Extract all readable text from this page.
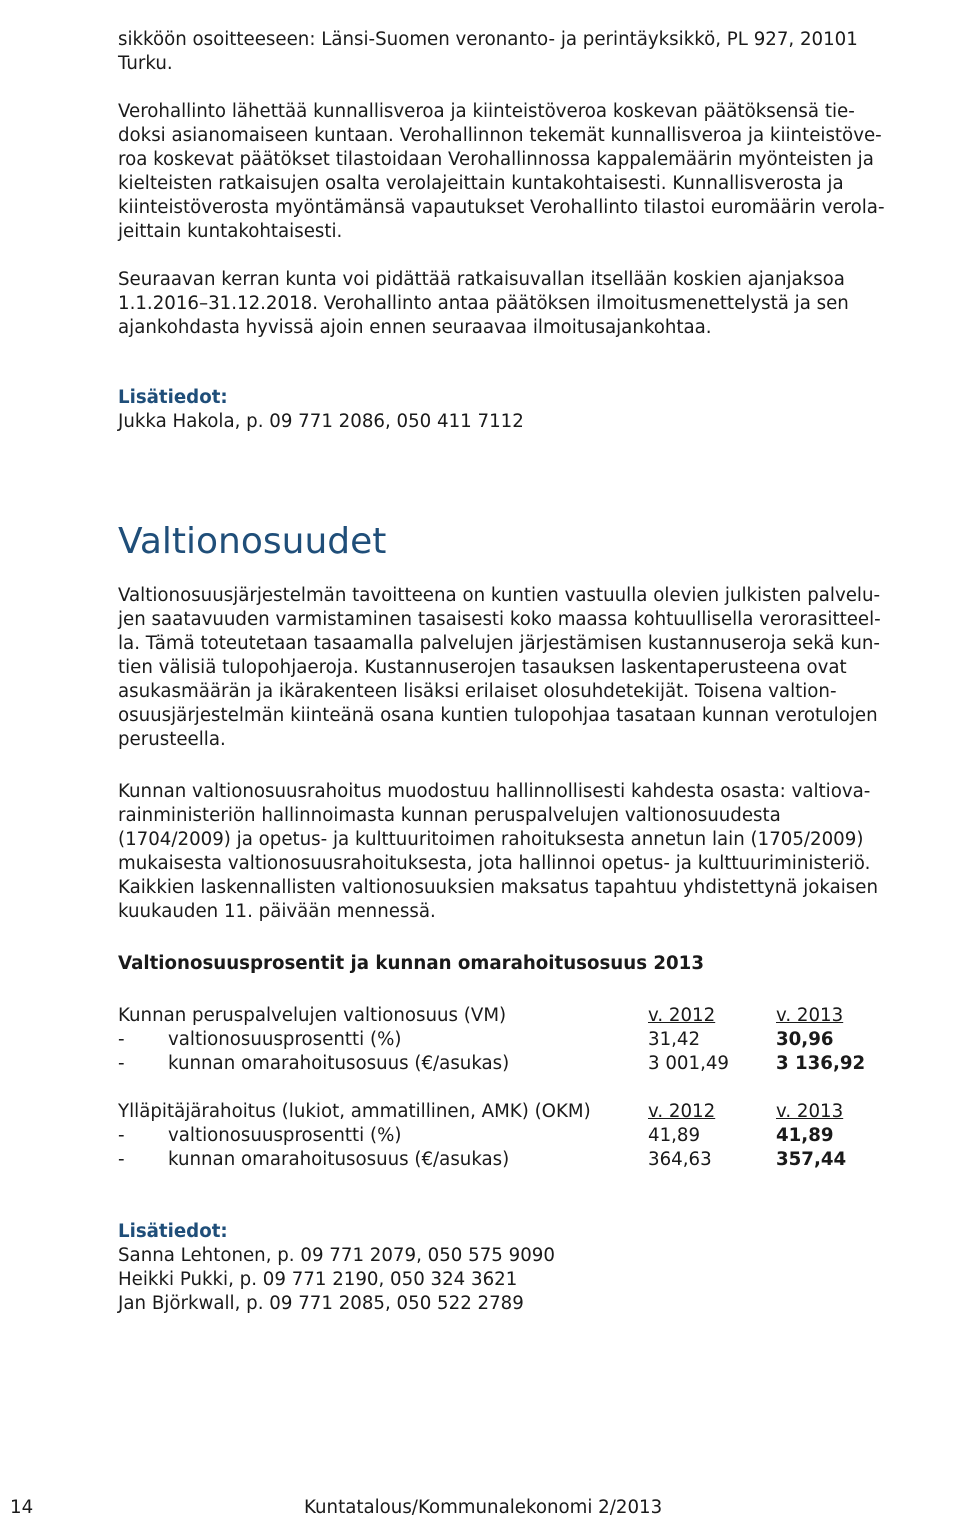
sikköön osoitteeseen: Länsi-Suomen veronanto- ja perintäyksikkö, PL 927, 20101
Turku.

Verohallinto lähettää kunnallisveroa ja kiinteistöveroa koskevan päätöksensä tie-
doksi asianomaiseen kuntaan. Verohallinnon tekemät kunnallisveroa ja kiinteistöve-
roa koskevat päätökset tilastoidaan Verohallinnossa kappalemäärin myönteisten ja
kielteisten ratkaisujen osalta verolajeittain kuntakohtaisesti. Kunnallisverosta ja
kiinteistöverosta myöntämänsä vapautukset Verohallinto tilastoi euromäärin verola-
jeittain kuntakohtaisesti.

Seuraavan kerran kunta voi pidättää ratkaisuvallan itsellään koskien ajanjaksoa
1.1.2016–31.12.2018. Verohallinto antaa päätöksen ilmoitusmenettelystä ja sen
ajankohdasta hyvissä ajoin ennen seuraavaa ilmoitusajankohtaa.

Lisätiedot:

Jukka Hakola, p. 09 771 2086, 050 411 7112

Valtionosuudet

Valtionosuusjärjestelmän tavoitteena on kuntien vastuulla olevien julkisten palvelu-
jen saatavuuden varmistaminen tasaisesti koko maassa kohtuullisella verorasitteel-
la. Tämä toteutetaan tasaamalla palvelujen järjestämisen kustannuseroja sekä kun-
tien välisiä tulopohjaeroja. Kustannuserojen tasauksen laskentaperusteena ovat
asukasmäärän ja ikärakenteen lisäksi erilaiset olosuhdetekijät. Toisena valtion-
osuusjärjestelmän kiinteänä osana kuntien tulopohjaa tasataan kunnan verotulojen
perusteella.

Kunnan valtionosuusrahoitus muodostuu hallinnollisesti kahdesta osasta: valtiova-
rainministeriön hallinnoimasta kunnan peruspalvelujen valtionosuudesta
(1704/2009) ja opetus- ja kulttuuritoimen rahoituksesta annetun lain (1705/2009)
mukaisesta valtionosuusrahoituksesta, jota hallinnoi opetus- ja kulttuuriministeriö.
Kaikkien laskennallisten valtionosuuksien maksatus tapahtuu yhdistettynä jokaisen
kuukauden 11. päivään mennessä.

Valtionosuusprosentit ja kunnan omarahoitusosuus 2013
Kunnan peruspalvelujen valtionosuus (VM)	v. 2012	v. 2013
- valtionosuusprosentti (%)	31,42	30,96
- kunnan omarahoitusosuus (€/asukas)	3 001,49	3 136,92
Ylläpitäjärahoitus (lukiot, ammatillinen, AMK) (OKM)	v. 2012	v. 2013
- valtionosuusprosentti (%)	41,89	41,89
- kunnan omarahoitusosuus (€/asukas)	364,63	357,44
Lisätiedot:

Sanna Lehtonen, p. 09 771 2079, 050 575 9090
Heikki Pukki, p. 09 771 2190, 050 324 3621
Jan Björkwall, p. 09 771 2085, 050 522 2789

14	Kuntatalous/Kommunalekonomi 2/2013
